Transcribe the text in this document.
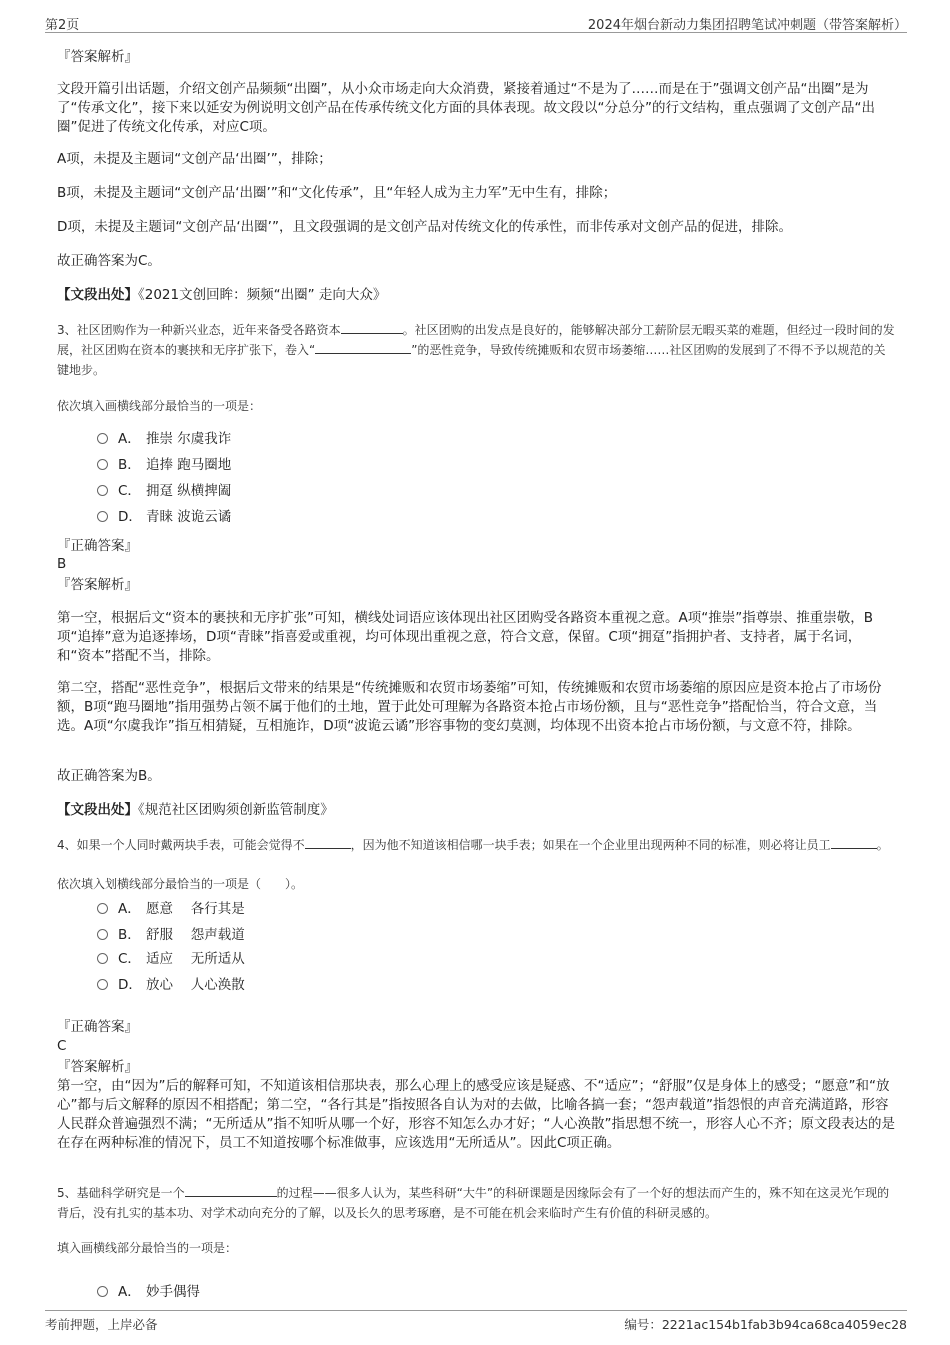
第2页	2024年烟台新动力集团招聘笔试冲刺题（带答案解析）
『答案解析』
文段开篇引出话题，介绍文创产品频频“出圈”，从小众市场走向大众消费，紧接着通过“不是为了……而是在于”强调文创产品“出圈”是为了“传承文化”，接下来以延安为例说明文创产品在传承传统文化方面的具体表现。故文段以“分总分”的行文结构，重点强调了文创产品“出圈”促进了传统文化传承，对应C项。
A项，未提及主题词“文创产品‘出圈’”，排除；
B项，未提及主题词“文创产品‘出圈’”和“文化传承”，且“年轻人成为主力军”无中生有，排除；
D项，未提及主题词“文创产品‘出圈’”，且文段强调的是文创产品对传统文化的传承性，而非传承对文创产品的促进，排除。
故正确答案为C。
【文段出处】《2021文创回眸：频频“出圈” 走向大众》
3、社区团购作为一种新兴业态，近年来备受各路资本	。社区团购的出发点是良好的，能够解决部分工薪阶层无暇买菜的难题，但经过一段时间的发展，社区团购在资本的裹挟和无序扩张下，卷入“	”的恶性竞争，导致传统摊贩和农贸市场萎缩……社区团购的发展到了不得不予以规范的关键地步。
依次填入画横线部分最恰当的一项是：
A． 推崇 尔虞我诈
B． 追捧 跑马圈地
C． 拥趸 纵横捭阖
D． 青睐 波诡云谲
『正确答案』
B
『答案解析』
第一空，根据后文“资本的裹挟和无序扩张”可知，横线处词语应该体现出社区团购受各路资本重视之意。A项“推崇”指尊崇、推重崇敬，B项“追捧”意为追逐捧场，D项“青睐”指喜爱或重视，均可体现出重视之意，符合文意，保留。C项“拥趸”指拥护者、支持者，属于名词，和“资本”搭配不当，排除。
第二空，搭配“恶性竞争”，根据后文带来的结果是“传统摊贩和农贸市场萎缩”可知，传统摊贩和农贸市场萎缩的原因应是资本抢占了市场份额，B项“跑马圈地”指用强势占领不属于他们的土地，置于此处可理解为各路资本抢占市场份额，且与“恶性竞争”搭配恰当，符合文意，当选。A项“尔虞我诈”指互相猜疑，互相施诈，D项“波诡云谲”形容事物的变幻莫测，均体现不出资本抢占市场份额，与文意不符，排除。
故正确答案为B。
【文段出处】《规范社区团购须创新监管制度》
4、如果一个人同时戴两块手表，可能会觉得不	，因为他不知道该相信哪一块手表；如果在一个企业里出现两种不同的标准，则必将让员工	。
依次填入划横线部分最恰当的一项是（　　）。
A． 愿意　 各行其是
B． 舒服　 怨声载道
C． 适应　 无所适从
D． 放心　 人心涣散
『正确答案』
C
『答案解析』
第一空，由“因为”后的解释可知，不知道该相信那块表，那么心理上的感受应该是疑惑、不“适应”；“舒服”仅是身体上的感受；“愿意”和“放心”都与后文解释的原因不相搭配；第二空，“各行其是”指按照各自认为对的去做，比喻各搞一套；“怨声载道”指怨恨的声音充满道路，形容人民群众普遍强烈不满；“无所适从”指不知听从哪一个好，形容不知怎么办才好；“人心涣散”指思想不统一，形容人心不齐；原文段表达的是在存在两种标准的情况下，员工不知道按哪个标准做事，应该选用“无所适从”。因此C项正确。
5、基础科学研究是一个	的过程——很多人认为，某些科研“大牛”的科研课题是因缘际会有了一个好的想法而产生的，殊不知在这灵光乍现的背后，没有扎实的基本功、对学术动向充分的了解，以及长久的思考琢磨，是不可能在机会来临时产生有价值的科研灵感的。
填入画横线部分最恰当的一项是：
A． 妙手偶得
考前押题，上岸必备	编号：2221ac154b1fab3b94ca68ca4059ec28
